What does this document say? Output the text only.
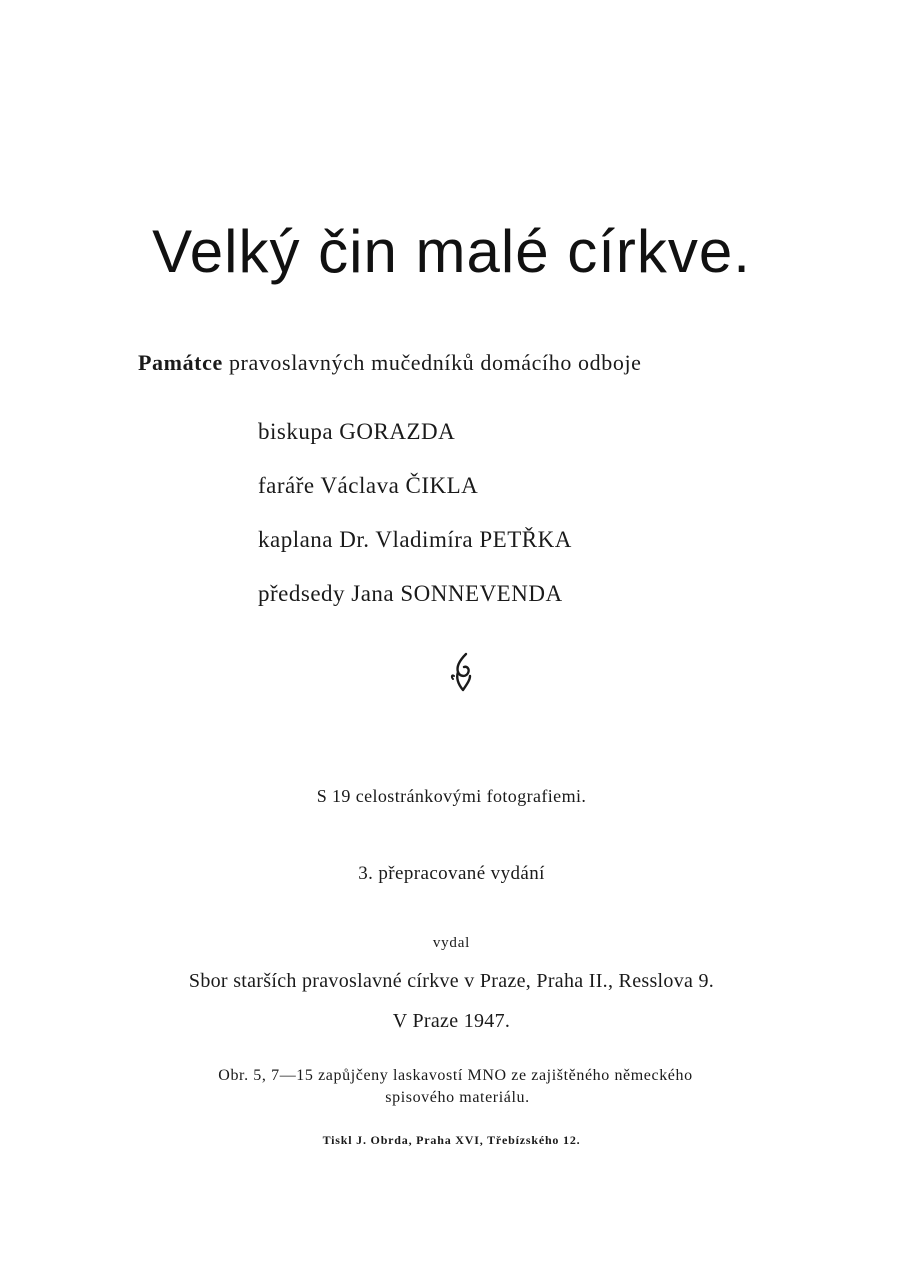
Velký čin malé církve.
Památce pravoslavných mučedníků domácího odboje
biskupa GORAZDA
faráře Václava ČIKLA
kaplana Dr. Vladimíra PETŘKA
předsedy Jana SONNEVENDA
S 19 celostránkovými fotografiemi.
3. přepracované vydání
vydal
Sbor starších pravoslavné církve v Praze, Praha II., Resslova 9.
V Praze 1947.
Obr. 5, 7—15 zapůjčeny laskavostí MNO ze zajištěného německého
spisového materiálu.
Tiskl J. Obrda, Praha XVI, Třebízského 12.
